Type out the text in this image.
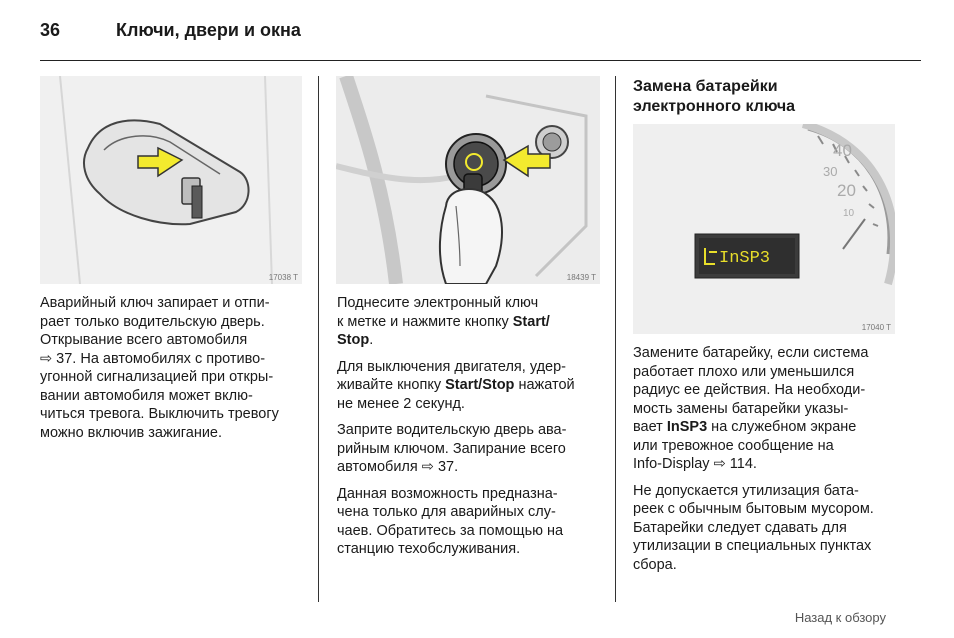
36	Ключи, двери и окна
17038 T	18439 T
40
30
20
10
InSP3
17040 T

Аварийный ключ запирает и отпи-
рает только водительскую дверь.
Открывание всего автомобиля
⇨ 37. На автомобилях с противо-
угонной сигнализацией при откры-
вании автомобиля может вклю-
читься тревога. Выключить тревогу
можно включив зажигание.

Поднесите электронный ключ
к метке и нажмите кнопку Start/
Stop.

Для выключения двигателя, удер-
живайте кнопку Start/Stop нажатой
не менее 2 секунд.

Заприте водительскую дверь ава-
рийным ключом. Запирание всего
автомобиля ⇨ 37.

Данная возможность предназна-
чена только для аварийных слу-
чаев. Обратитесь за помощью на
станцию техобслуживания.

Замена батарейки электронного ключа

Замените батарейку, если система
работает плохо или уменьшился
радиус ее действия. На необходи-
мость замены батарейки указы-
вает InSP3 на служебном экране
или тревожное сообщение на
Info-Display ⇨ 114.

Не допускается утилизация бата-
реек с обычным бытовым мусором.
Батарейки следует сдавать для
утилизации в специальных пунктах
сбора.

Назад к обзору
